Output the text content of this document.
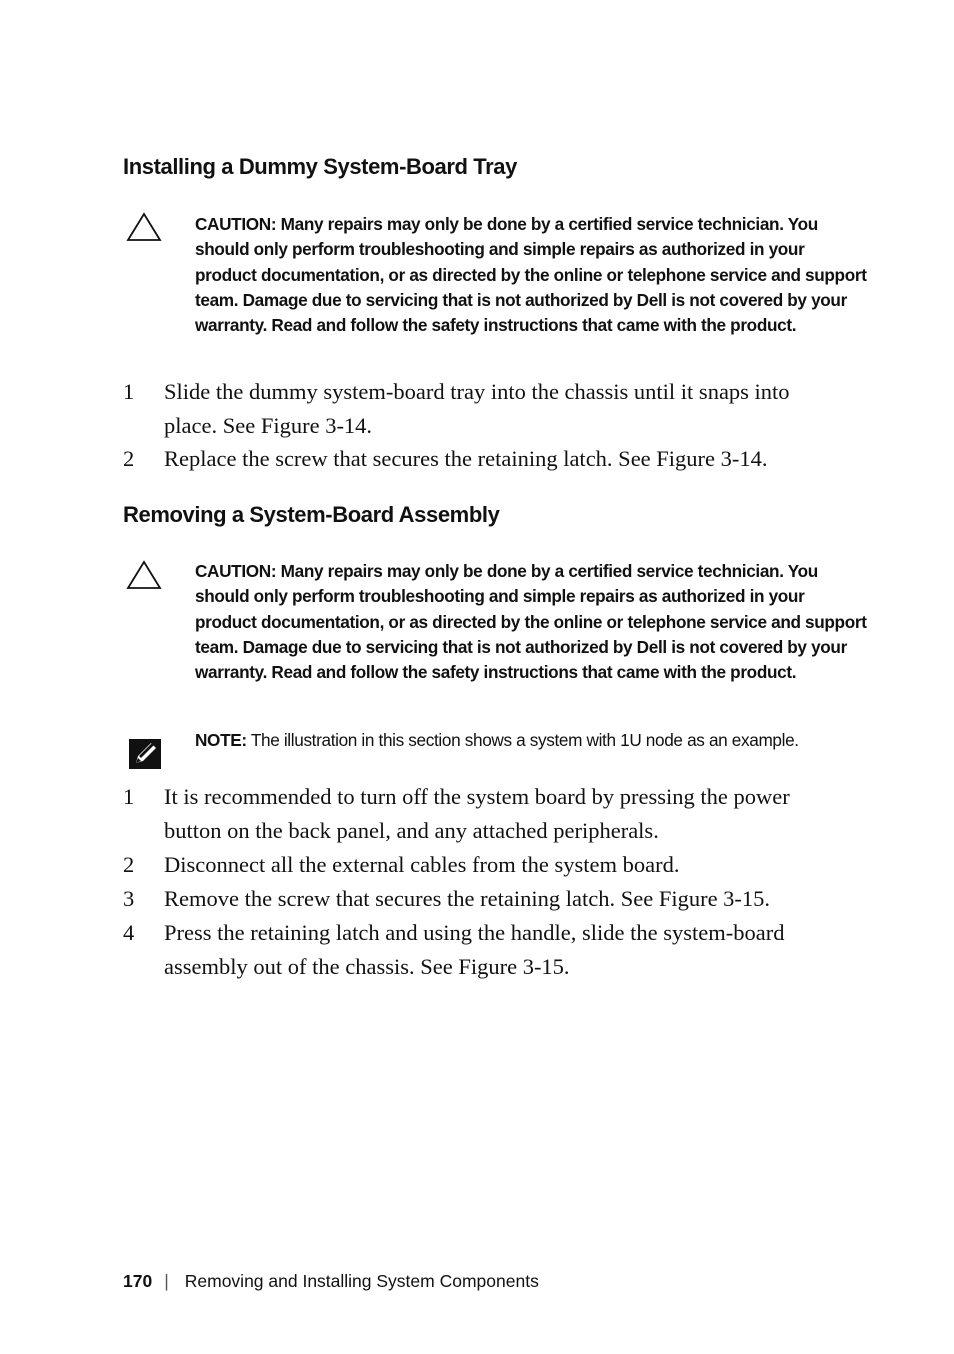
Installing a Dummy System-Board Tray
CAUTION: Many repairs may only be done by a certified service technician. You should only perform troubleshooting and simple repairs as authorized in your product documentation, or as directed by the online or telephone service and support team. Damage due to servicing that is not authorized by Dell is not covered by your warranty. Read and follow the safety instructions that came with the product.
1 Slide the dummy system-board tray into the chassis until it snaps into place. See Figure 3-14.
2 Replace the screw that secures the retaining latch. See Figure 3-14.
Removing a System-Board Assembly
CAUTION: Many repairs may only be done by a certified service technician. You should only perform troubleshooting and simple repairs as authorized in your product documentation, or as directed by the online or telephone service and support team. Damage due to servicing that is not authorized by Dell is not covered by your warranty. Read and follow the safety instructions that came with the product.
NOTE: The illustration in this section shows a system with 1U node as an example.
1 It is recommended to turn off the system board by pressing the power button on the back panel, and any attached peripherals.
2 Disconnect all the external cables from the system board.
3 Remove the screw that secures the retaining latch. See Figure 3-15.
4 Press the retaining latch and using the handle, slide the system-board assembly out of the chassis. See Figure 3-15.
170 | Removing and Installing System Components
